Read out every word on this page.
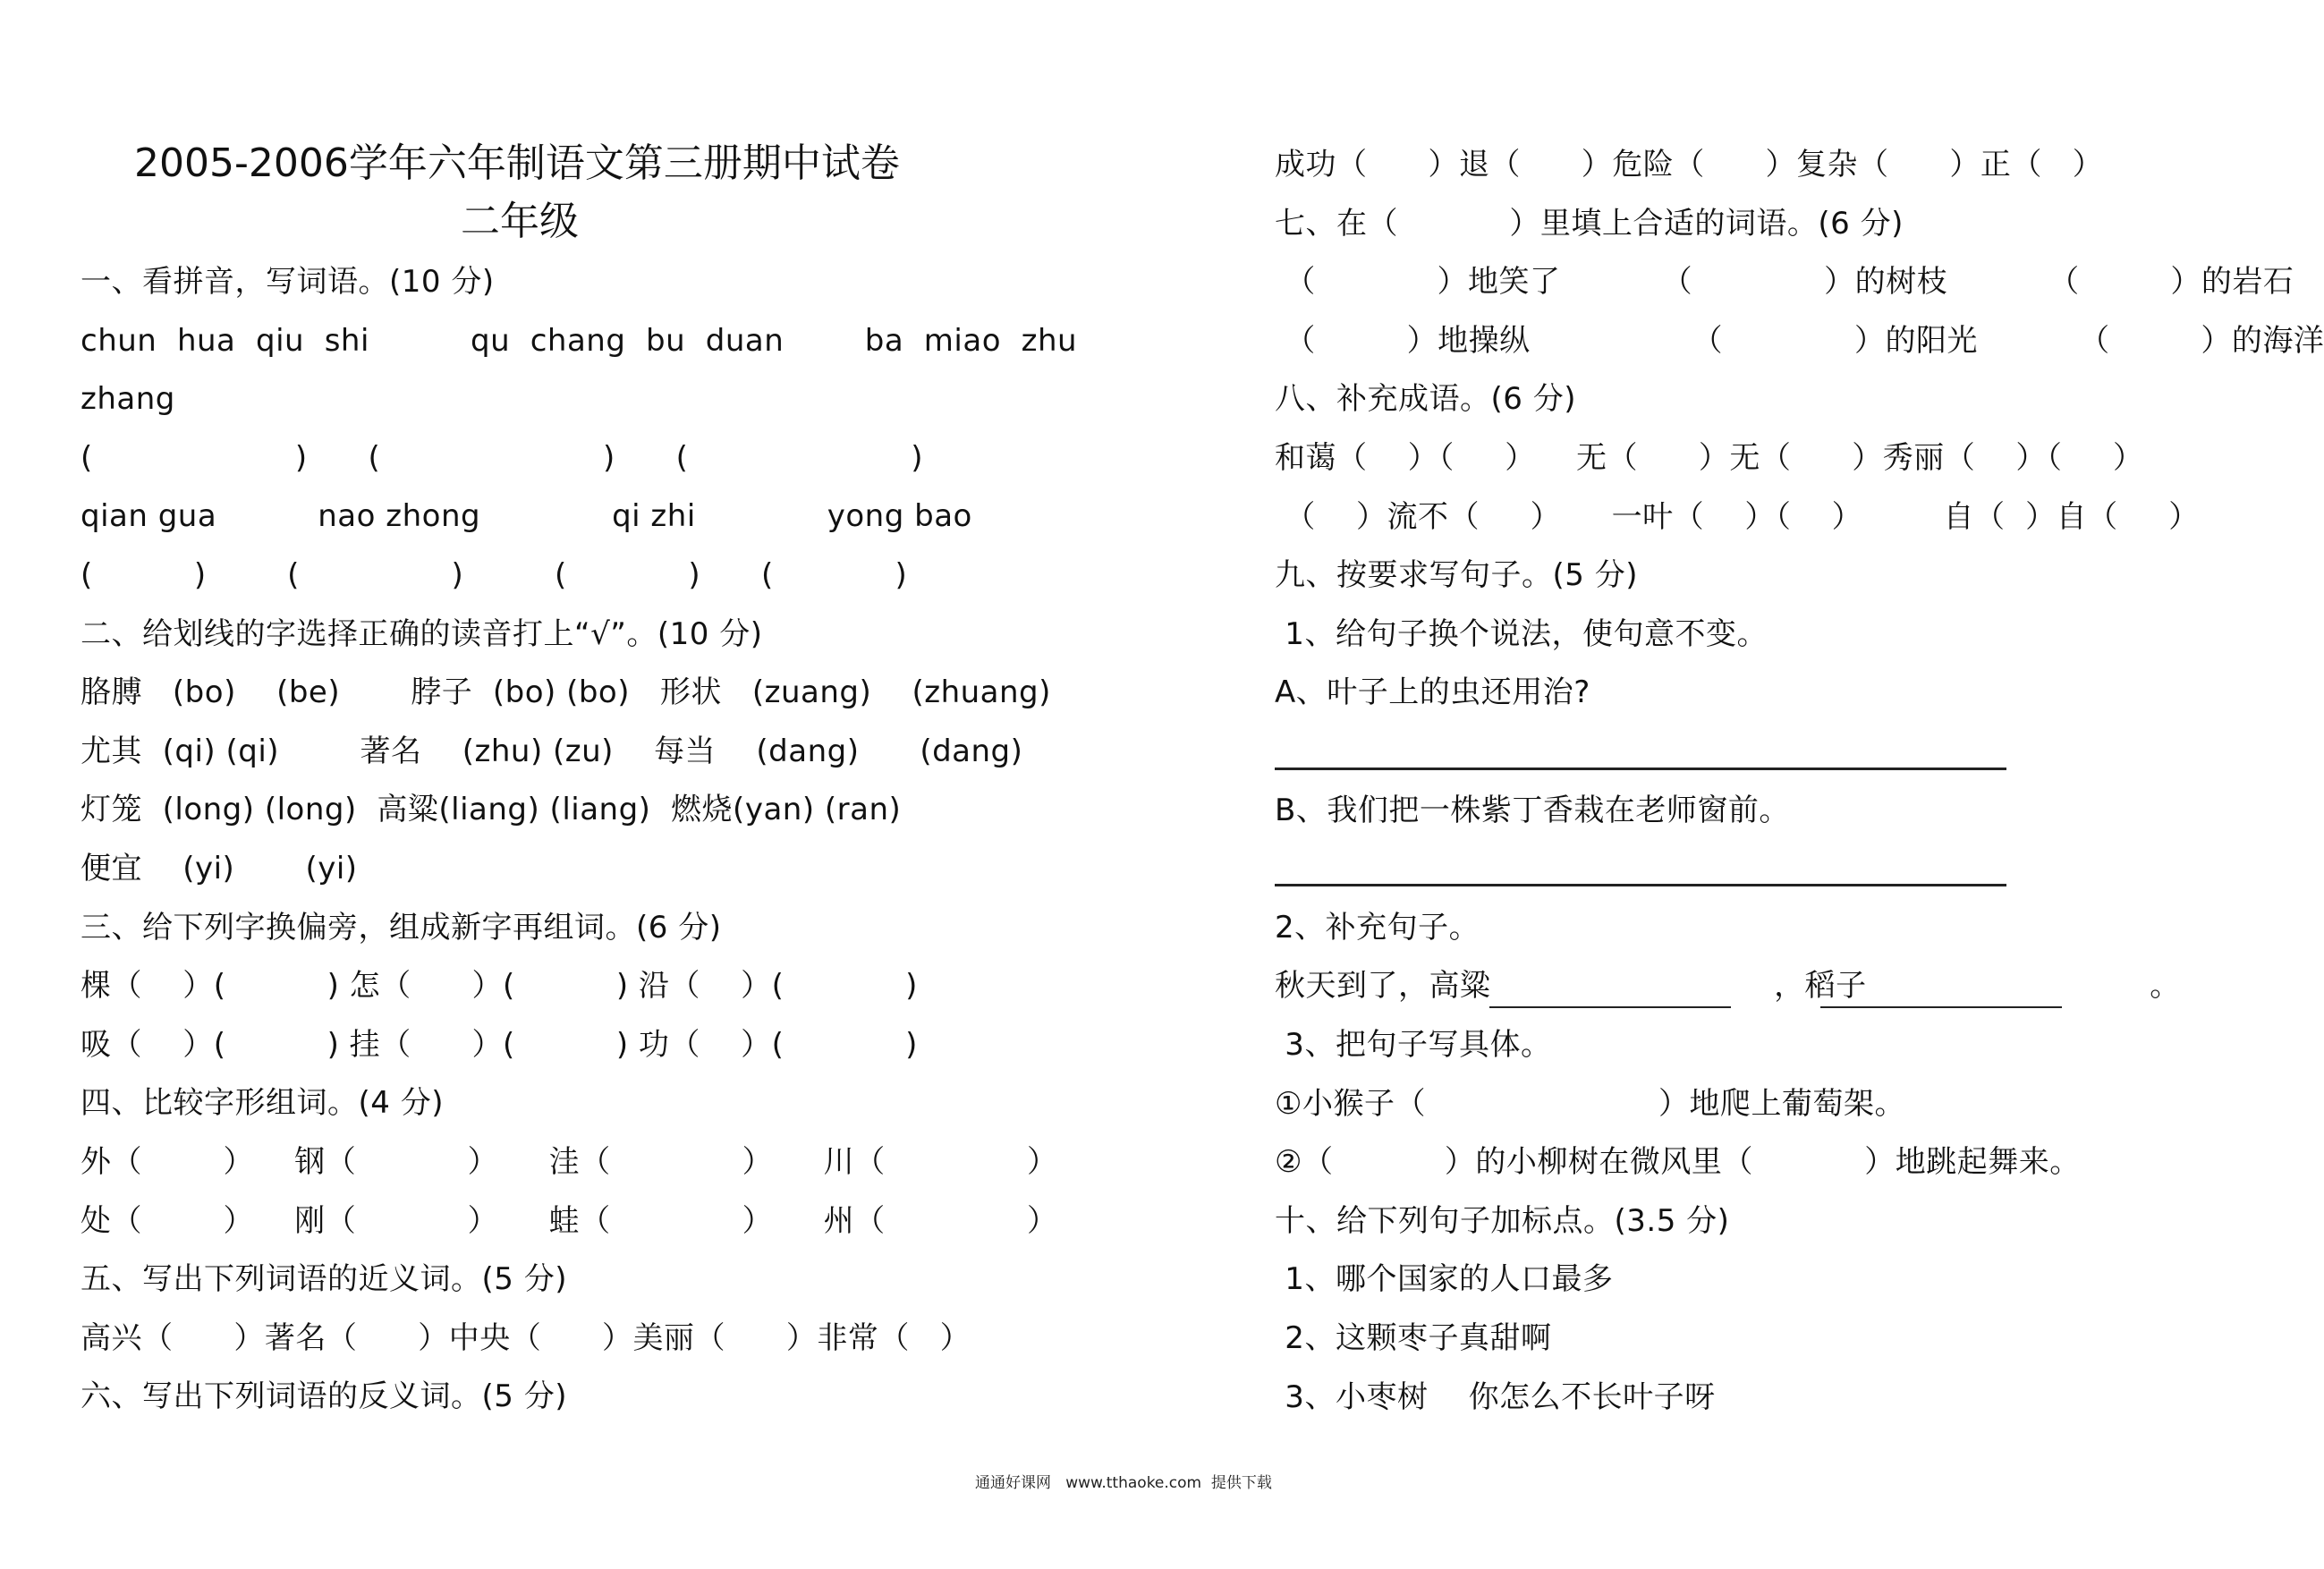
2005-2006学年六年制语文第三册期中试卷
二年级
一、看拼音，写词语。(10 分)
chun  hua  qiu  shi          qu  chang  bu  duan        ba  miao  zhu
zhang
(                    )      (                      )      (                      )
qian gua          nao zhong             qi zhi             yong bao
(          )        (               )         (            )      (            )
二、给划线的字选择正确的读音打上“√”。(10 分)
胳膊   (bo)    (be)       脖子  (bo) (bo)   形状   (zuang)    (zhuang)
尤其  (qi) (qi)        著名    (zhu) (zu)    每当    (dang)      (dang)
灯笼  (long) (long)  高粱(liang) (liang)  燃烧(yan) (ran)
便宜    (yi)       (yi)
三、给下列字换偏旁，组成新字再组词。(6 分)
棵（    ）(          ) 怎（      ）(          ) 沿（    ）(            )
吸（    ）(          ) 挂（      ）(          ) 功（    ）(            )
四、比较字形组词。(4 分)
外（        ）    钢（           ）     洼（             ）     川（              ）
处（        ）    刚（           ）     蛙（             ）     州（              ）
五、写出下列词语的近义词。(5 分)
高兴（      ）著名（      ）中央（      ）美丽（      ）非常（   ）
六、写出下列词语的反义词。(5 分)
成功（      ）退（      ）危险（      ）复杂（      ）正（   ）
七、在（           ）里填上合适的词语。(6 分)
（            ）地笑了          （             ）的树枝          （         ）的岩石
（         ）地操纵                （             ）的阳光          （         ）的海洋
八、补充成语。(6 分)
和蔼（    ）（     ）    无（      ）无（      ）秀丽（    ）（     ）
（    ）流不（     ）     一叶（    ）（    ）        自（  ）自（     ）
九、按要求写句子。(5 分)
1、给句子换个说法，使句意不变。
A、叶子上的虫还用治?
B、我们把一株紫丁香栽在老师窗前。
2、补充句子。
秋天到了，高粱                            ，稻子                            。
3、把句子写具体。
①小猴子（                       ）地爬上葡萄架。
②（           ）的小柳树在微风里（           ）地跳起舞来。
十、给下列句子加标点。(3.5 分)
1、哪个国家的人口最多
2、这颗枣子真甜啊
3、小枣树    你怎么不长叶子呀
通通好课网   www.tthaoke.com  提供下载
